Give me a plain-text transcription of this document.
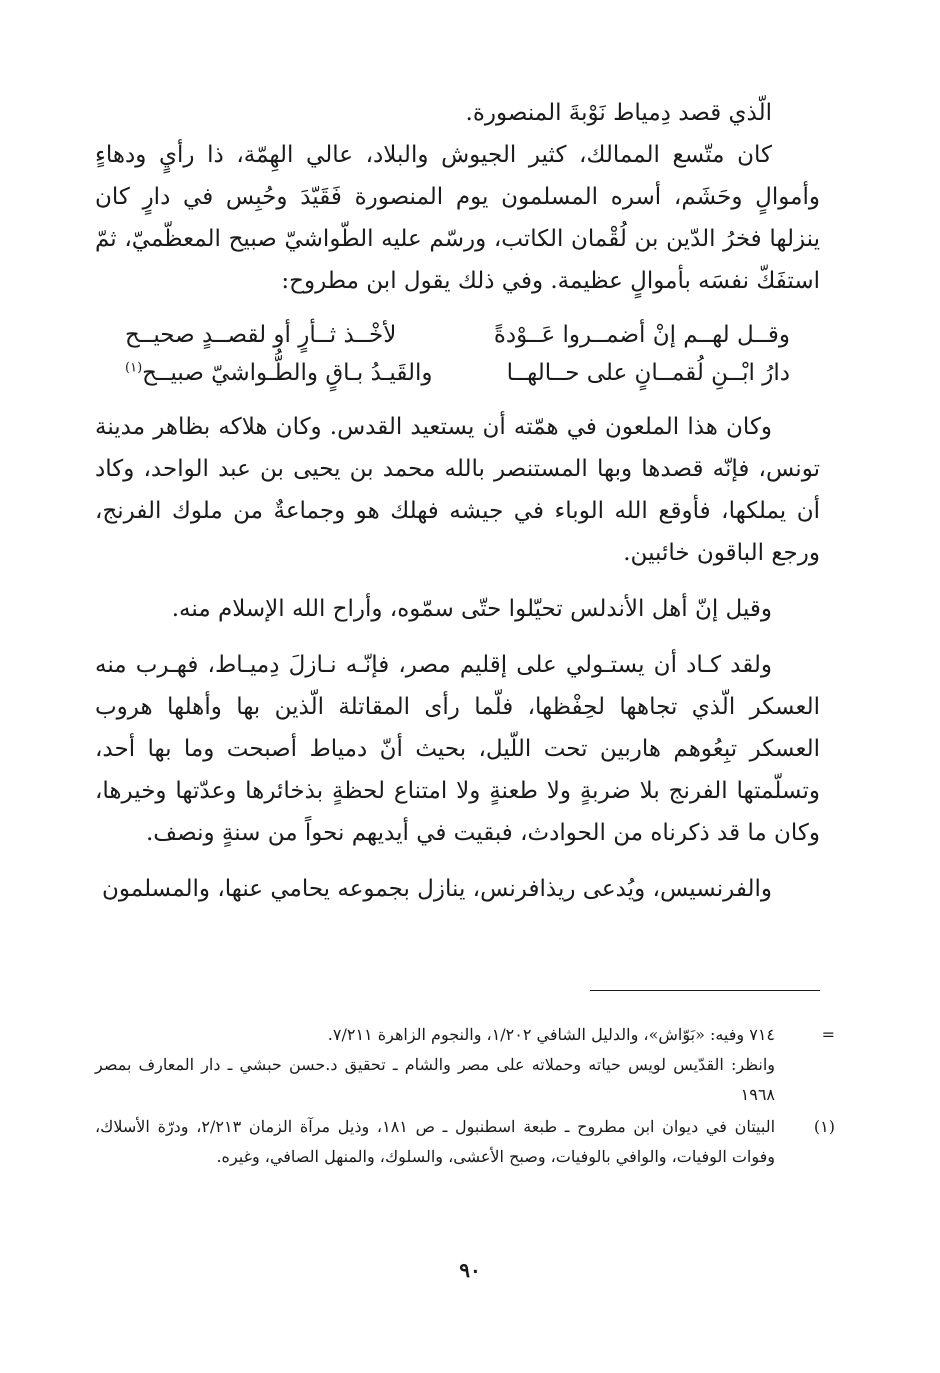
الّذي قصد دِمياط نَوْبةَ المنصورة.

كان متّسع الممالك، كثير الجيوش والبلاد، عالي الهِمّة، ذا رأيٍ ودهاءٍ وأموالٍ وحَشَم، أسره المسلمون يوم المنصورة فَقَيّدَ وحُبِس في دارٍ كان ينزلها فخرُ الدّين بن لُقْمان الكاتب، ورسّم عليه الطّواشيّ صبيح المعظّميّ، ثمّ استفَكّ نفسَه بأموالٍ عظيمة. وفي ذلك يقول ابن مطروح:

وقــل لهــم إنْ أضمــروا عَــوْدةً
لأخْــذ ثــأرٍ أو لقصــدٍ صحيــح
دارُ ابْــنِ لُقمــانٍ على حــالهــا
والقَيـدُ بـاقٍ والطُّـواشيّ صبيــح$^{(١)}$

وكان هذا الملعون في همّته أن يستعيد القدس. وكان هلاكه بظاهر مدينة تونس، فإنّه قصدها وبها المستنصر بالله محمد بن يحيى بن عبد الواحد، وكاد أن يملكها، فأوقع الله الوباء في جيشه فهلك هو وجماعةٌ من ملوك الفرنج، ورجع الباقون خائبين.

وقيل إنّ أهل الأندلس تحيّلوا حتّى سمّوه، وأراح الله الإسلام منه.

ولقد كـاد أن يستـولي على إقليم مصر، فإنّـه نـازلَ دِميـاط، فهـرب منه العسكر الّذي تجاهها لحِفْظها، فلّما رأى المقاتلة الّذين بها وأهلها هروب العسكر تبِعُوهم هاربين تحت اللّيل، بحيث أنّ دمياط أصبحت وما بها أحد، وتسلّمتها الفرنج بلا ضربةٍ ولا طعنةٍ ولا امتناع لحظةٍ بذخائرها وعدّتها وخيرها، وكان ما قد ذكرناه من الحوادث، فبقيت في أيديهم نحواً من سنةٍ ونصف.

والفرنسيس، ويُدعى ريذافرنس، ينازل بجموعه يحامي عنها، والمسلمون

=

٧١٤ وفيه: «بَوّاش»، والدليل الشافي ١/٢٠٢، والنجوم الزاهرة ٧/٢١١.

وانظر: القدّيس لويس حياته وحملاته على مصر والشام ـ تحقيق د.حسن حبشي ـ دار المعارف بمصر ١٩٦٨

(١)

البيتان في ديوان ابن مطروح ـ طبعة اسطنبول ـ ص ١٨١، وذيل مرآة الزمان ٢/٢١٣، ودرّة الأسلاك، وفوات الوفيات، والوافي بالوفيات، وصبح الأعشى، والسلوك، والمنهل الصافي، وغيره.

٩٠
